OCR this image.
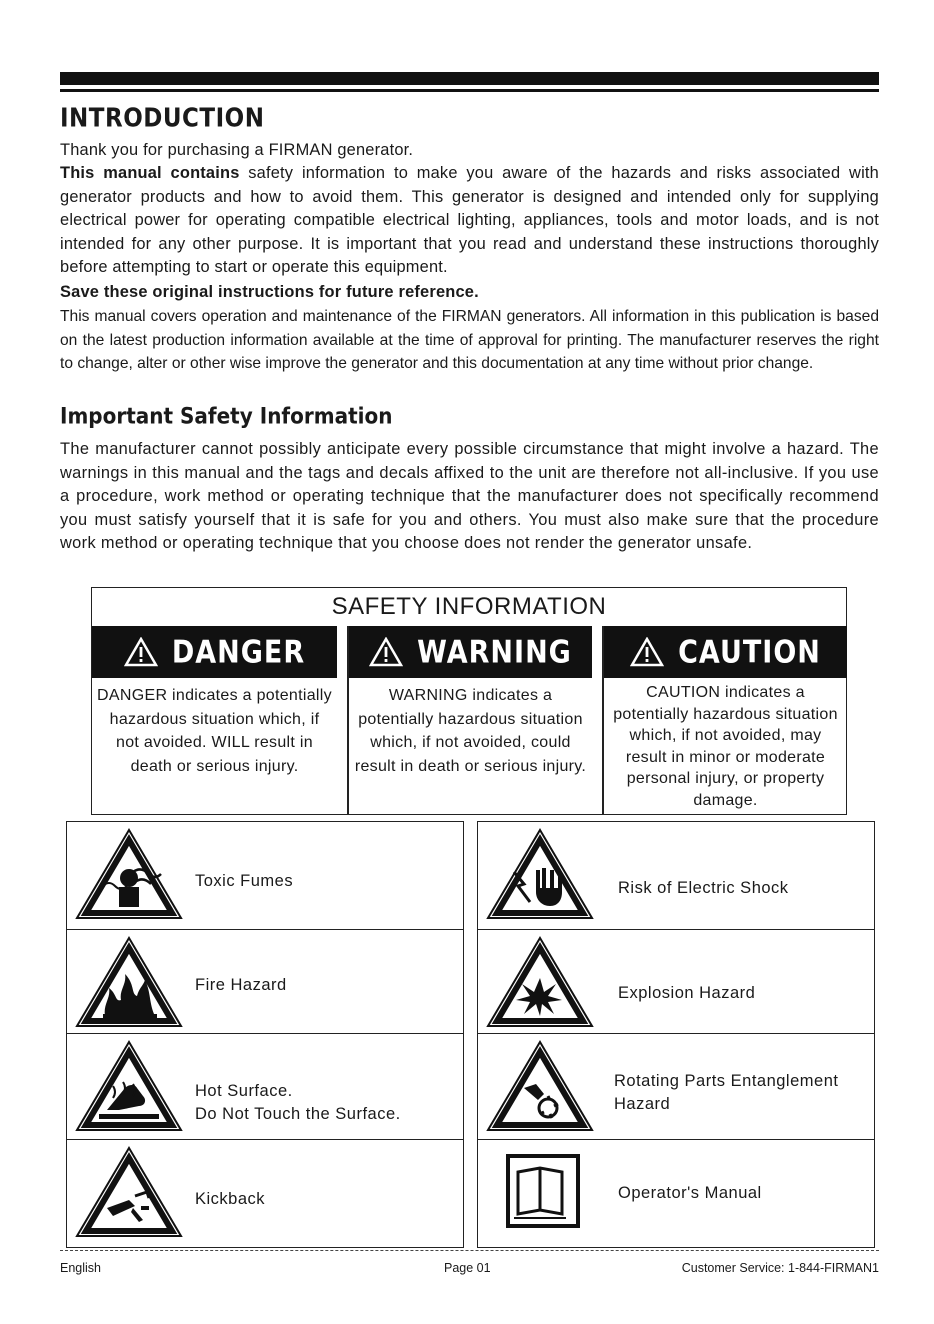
INTRODUCTION

Thank you for purchasing a FIRMAN generator.

This manual contains safety information to make you aware of the hazards and risks associated with generator products and how to avoid them. This generator is designed and intended only for supplying electrical power for operating compatible electrical lighting, appliances, tools and motor loads, and is not intended for any other purpose. It is important that you read and understand these instructions thoroughly before attempting to start or operate this equipment.

Save these original instructions for future reference.

This manual covers operation and maintenance of the FIRMAN generators. All information in this publication is based on the latest production information available at the time of approval for printing. The manufacturer reserves the right to change, alter or other wise improve the generator and this documentation at any time without prior change.

Important Safety Information

The manufacturer cannot possibly anticipate every possible circumstance that might involve a hazard. The warnings in this manual and the tags and decals affixed to the unit are therefore not all-inclusive. If you use a procedure, work method or operating technique that the manufacturer does not specifically recommend you must satisfy yourself that it is safe for you and others. You must also make sure that the procedure work method or operating technique that you choose does not render the generator unsafe.

SAFETY INFORMATION
DANGER
DANGER indicates a potentially hazardous situation which, if not avoided. WILL result in death or serious injury.
WARNING
WARNING indicates a potentially hazardous situation which, if not avoided, could result in death or serious injury.
CAUTION
CAUTION indicates a potentially hazardous situation which, if not avoided, may result in minor or moderate personal injury, or property damage.
Toxic Fumes
Fire Hazard
Hot Surface.
Do Not Touch the Surface.
Kickback
Risk of Electric Shock
Explosion Hazard
Rotating Parts Entanglement
Hazard
Operator's Manual
English	Page 01	Customer Service: 1-844-FIRMAN1
